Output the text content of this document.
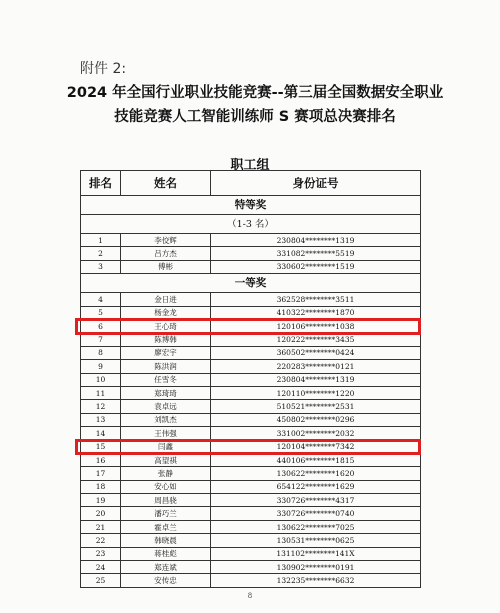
附件 2:
2024 年全国行业职业技能竞赛--第三届全国数据安全职业
技能竞赛人工智能训练师 S 赛项总决赛排名
职工组
排名	姓名	身份证号
特等奖		
（1-3 名）		
1	李佼辉	230804********1319
2	吕方杰	331082********5519
3	傅彬	330602********1519
一等奖		
4	金日进	362528********3511
5	杨金龙	410322********1870
6	王心琦	120106********1038
7	陈博韩	120222********3435
8	廖宏宇	360502********0424
9	陈洪润	220283********0121
10	任雪冬	230804********1319
11	郑琦琦	120110********1220
12	袁卓远	510521********2531
13	刘凯杰	450802********0296
14	王伟强	331002********2032
15	闫鑫	120104********7342
16	高望祺	440106********1815
17	张静	130622********1620
18	安心如	654122********1629
19	周昌骁	330726********4317
20	潘巧兰	330726********0740
21	霍卓兰	130622********7025
22	韩晓晨	130531********0625
23	蒋桂彪	131102********141X
24	郑连斌	130902********0191
25	安传忠	132235********6632
8
